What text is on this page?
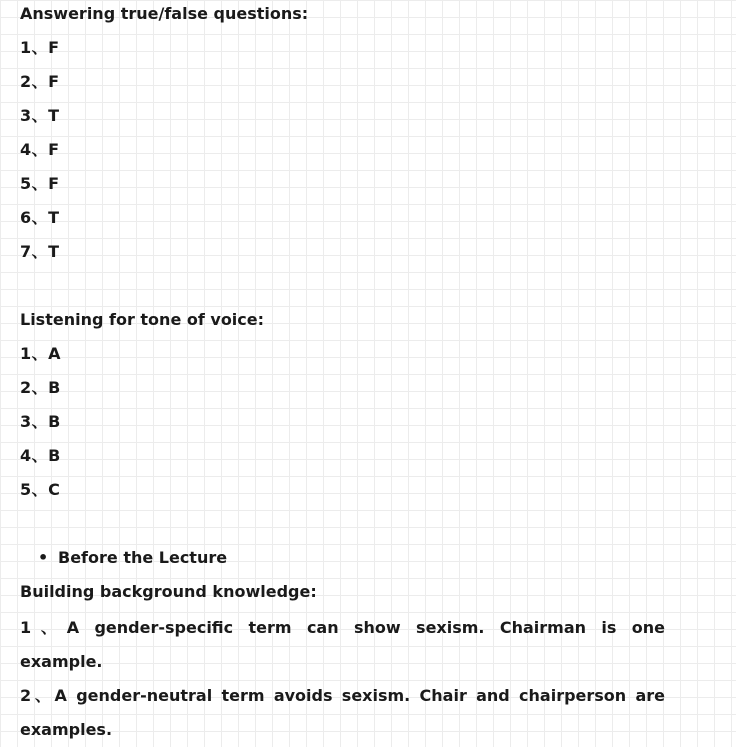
Answering true/false questions:
1、F
2、F
3、T
4、F
5、F
6、T
7、T
Listening for tone of voice:
1、A
2、B
3、B
4、B
5、C
• Before the Lecture
Building background knowledge:
1、A gender-specific term can show sexism. Chairman is one
example.
2、A gender-neutral term avoids sexism. Chair and chairperson are
examples.
